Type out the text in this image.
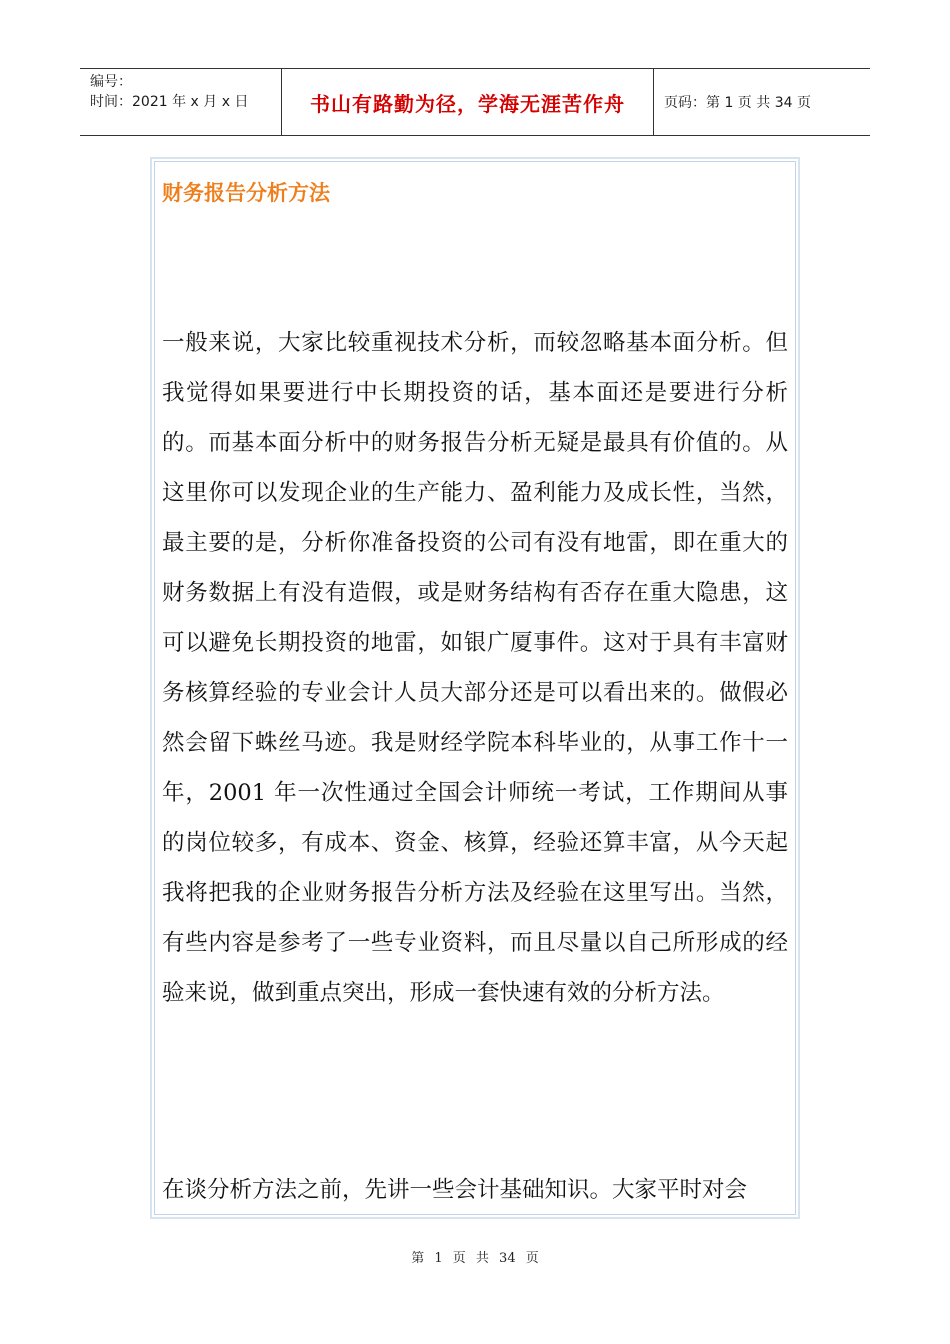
编号：
时间：2021 年 x 月 x 日	书山有路勤为径，学海无涯苦作舟	页码：第 1 页 共 34 页
财务报告分析方法

一般来说，大家比较重视技术分析，而较忽略基本面分析。但我觉得如果要进行中长期投资的话，基本面还是要进行分析的。而基本面分析中的财务报告分析无疑是最具有价值的。从这里你可以发现企业的生产能力、盈利能力及成长性，当然，最主要的是，分析你准备投资的公司有没有地雷，即在重大的财务数据上有没有造假，或是财务结构有否存在重大隐患，这可以避免长期投资的地雷，如银广厦事件。这对于具有丰富财务核算经验的专业会计人员大部分还是可以看出来的。做假必然会留下蛛丝马迹。我是财经学院本科毕业的，从事工作十一年，2001 年一次性通过全国会计师统一考试，工作期间从事的岗位较多，有成本、资金、核算，经验还算丰富，从今天起我将把我的企业财务报告分析方法及经验在这里写出。当然，有些内容是参考了一些专业资料，而且尽量以自己所形成的经验来说，做到重点突出，形成一套快速有效的分析方法。

在谈分析方法之前，先讲一些会计基础知识。大家平时对会

第 1 页 共 34 页
